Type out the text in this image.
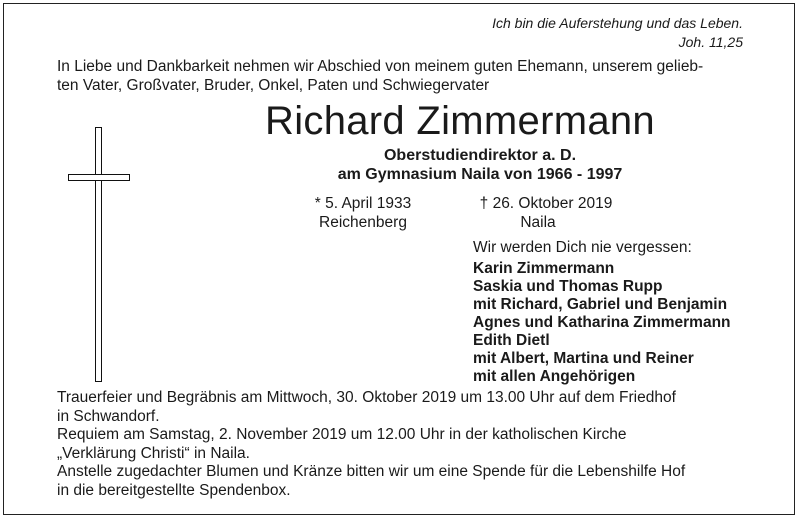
Ich bin die Auferstehung und das Leben.
Joh. 11,25
In Liebe und Dankbarkeit nehmen wir Abschied von meinem guten Ehemann, unserem gelieb-
ten Vater, Großvater, Bruder, Onkel, Paten und Schwiegervater
Richard Zimmermann
Oberstudiendirektor a. D.
am Gymnasium Naila von 1966 - 1997
* 5. April 1933
Reichenberg
† 26. Oktober 2019
Naila
Wir werden Dich nie vergessen:
Karin Zimmermann
Saskia und Thomas Rupp
mit Richard, Gabriel und Benjamin
Agnes und Katharina Zimmermann
Edith Dietl
mit Albert, Martina und Reiner
mit allen Angehörigen
Trauerfeier und Begräbnis am Mittwoch, 30. Oktober 2019 um 13.00 Uhr auf dem Friedhof
in Schwandorf.
Requiem am Samstag, 2. November 2019 um 12.00 Uhr in der katholischen Kirche
„Verklärung Christi“ in Naila.
Anstelle zugedachter Blumen und Kränze bitten wir um eine Spende für die Lebenshilfe Hof
in die bereitgestellte Spendenbox.
